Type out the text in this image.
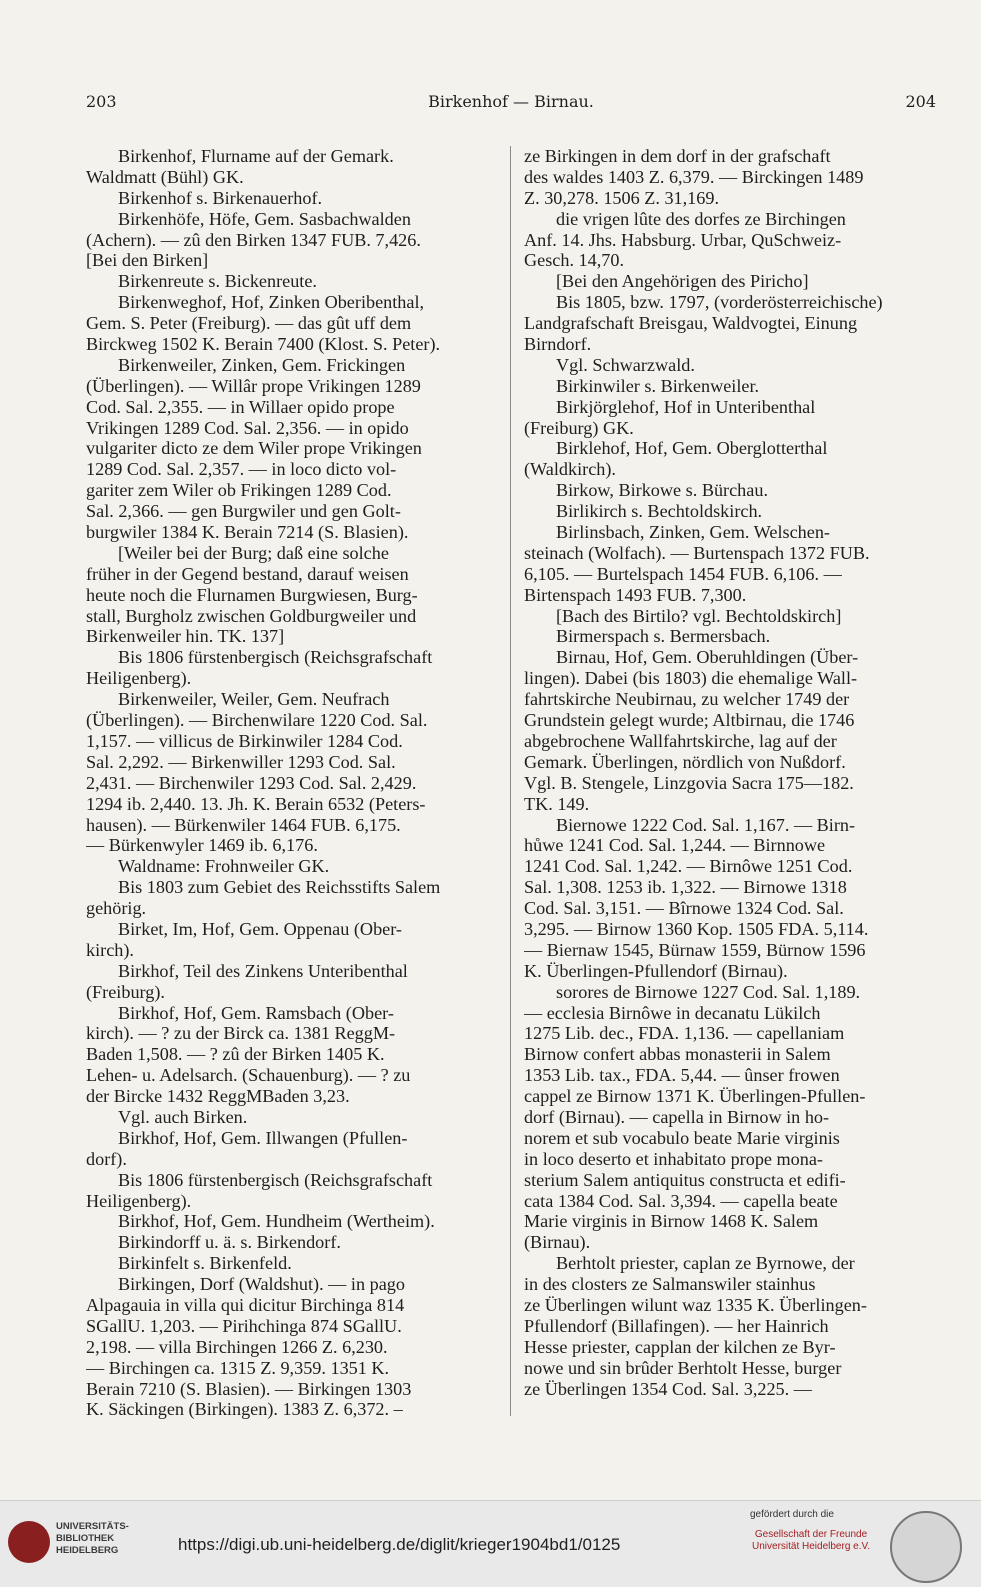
203	Birkenhof — Birnau.	204
Birkenhof, Flurname auf der Gemark.
Waldmatt (Bühl) GK.
Birkenhof s. Birkenauerhof.
Birkenhöfe, Höfe, Gem. Sasbachwalden
(Achern). — zû den Birken 1347 FUB. 7,426.
[Bei den Birken]
Birkenreute s. Bickenreute.
Birkenweghof, Hof, Zinken Oberibenthal,
Gem. S. Peter (Freiburg). — das gût uff dem
Birckweg 1502 K. Berain 7400 (Klost. S. Peter).
Birkenweiler, Zinken, Gem. Frickingen
(Überlingen). — Willâr prope Vrikingen 1289
Cod. Sal. 2,355. — in Willaer opido prope
Vrikingen 1289 Cod. Sal. 2,356. — in opido
vulgariter dicto ze dem Wiler prope Vrikingen
1289 Cod. Sal. 2,357. — in loco dicto vol-
gariter zem Wiler ob Frikingen 1289 Cod.
Sal. 2,366. — gen Burgwiler und gen Golt-
burgwiler 1384 K. Berain 7214 (S. Blasien).
[Weiler bei der Burg; daß eine solche
früher in der Gegend bestand, darauf weisen
heute noch die Flurnamen Burgwiesen, Burg-
stall, Burgholz zwischen Goldburgweiler und
Birkenweiler hin. TK. 137]
Bis 1806 fürstenbergisch (Reichsgrafschaft
Heiligenberg).
Birkenweiler, Weiler, Gem. Neufrach
(Überlingen). — Birchenwilare 1220 Cod. Sal.
1,157. — villicus de Birkinwiler 1284 Cod.
Sal. 2,292. — Birkenwiller 1293 Cod. Sal.
2,431. — Birchenwiler 1293 Cod. Sal. 2,429.
1294 ib. 2,440. 13. Jh. K. Berain 6532 (Peters-
hausen). — Bürkenwiler 1464 FUB. 6,175.
— Bürkenwyler 1469 ib. 6,176.
Waldname: Frohnweiler GK.
Bis 1803 zum Gebiet des Reichsstifts Salem
gehörig.
Birket, Im, Hof, Gem. Oppenau (Ober-
kirch).
Birkhof, Teil des Zinkens Unteribenthal
(Freiburg).
Birkhof, Hof, Gem. Ramsbach (Ober-
kirch). — ? zu der Birck ca. 1381 ReggM-
Baden 1,508. — ? zû der Birken 1405 K.
Lehen- u. Adelsarch. (Schauenburg). — ? zu
der Bircke 1432 ReggMBaden 3,23.
Vgl. auch Birken.
Birkhof, Hof, Gem. Illwangen (Pfullen-
dorf).
Bis 1806 fürstenbergisch (Reichsgrafschaft
Heiligenberg).
Birkhof, Hof, Gem. Hundheim (Wertheim).
Birkindorff u. ä. s. Birkendorf.
Birkinfelt s. Birkenfeld.
Birkingen, Dorf (Waldshut). — in pago
Alpagauia in villa qui dicitur Birchinga 814
SGallU. 1,203. — Pirihchinga 874 SGallU.
2,198. — villa Birchingen 1266 Z. 6,230.
— Birchingen ca. 1315 Z. 9,359. 1351 K.
Berain 7210 (S. Blasien). — Birkingen 1303
K. Säckingen (Birkingen). 1383 Z. 6,372. –
ze Birkingen in dem dorf in der grafschaft
des waldes 1403 Z. 6,379. — Birckingen 1489
Z. 30,278. 1506 Z. 31,169.
die vrigen lûte des dorfes ze Birchingen
Anf. 14. Jhs. Habsburg. Urbar, QuSchweiz-
Gesch. 14,70.
[Bei den Angehörigen des Piricho]
Bis 1805, bzw. 1797, (vorderösterreichische)
Landgrafschaft Breisgau, Waldvogtei, Einung
Birndorf.
Vgl. Schwarzwald.
Birkinwiler s. Birkenweiler.
Birkjörglehof, Hof in Unteribenthal
(Freiburg) GK.
Birklehof, Hof, Gem. Oberglotterthal
(Waldkirch).
Birkow, Birkowe s. Bürchau.
Birlikirch s. Bechtoldskirch.
Birlinsbach, Zinken, Gem. Welschen-
steinach (Wolfach). — Burtenspach 1372 FUB.
6,105. — Burtelspach 1454 FUB. 6,106. —
Birtenspach 1493 FUB. 7,300.
[Bach des Birtilo? vgl. Bechtoldskirch]
Birmerspach s. Bermersbach.
Birnau, Hof, Gem. Oberuhldingen (Über-
lingen). Dabei (bis 1803) die ehemalige Wall-
fahrtskirche Neubirnau, zu welcher 1749 der
Grundstein gelegt wurde; Altbirnau, die 1746
abgebrochene Wallfahrtskirche, lag auf der
Gemark. Überlingen, nördlich von Nußdorf.
Vgl. B. Stengele, Linzgovia Sacra 175—182.
TK. 149.
Biernowe 1222 Cod. Sal. 1,167. — Birn-
hůwe 1241 Cod. Sal. 1,244. — Birnnowe
1241 Cod. Sal. 1,242. — Birnôwe 1251 Cod.
Sal. 1,308. 1253 ib. 1,322. — Birnowe 1318
Cod. Sal. 3,151. — Bîrnowe 1324 Cod. Sal.
3,295. — Birnow 1360 Kop. 1505 FDA. 5,114.
— Biernaw 1545, Bürnaw 1559, Bürnow 1596
K. Überlingen-Pfullendorf (Birnau).
sorores de Birnowe 1227 Cod. Sal. 1,189.
— ecclesia Birnôwe in decanatu Lükilch
1275 Lib. dec., FDA. 1,136. — capellaniam
Birnow confert abbas monasterii in Salem
1353 Lib. tax., FDA. 5,44. — ûnser frowen
cappel ze Birnow 1371 K. Überlingen-Pfullen-
dorf (Birnau). — capella in Birnow in ho-
norem et sub vocabulo beate Marie virginis
in loco deserto et inhabitato prope mona-
sterium Salem antiquitus constructa et edifi-
cata 1384 Cod. Sal. 3,394. — capella beate
Marie virginis in Birnow 1468 K. Salem
(Birnau).
Berhtolt priester, caplan ze Byrnowe, der
in des closters ze Salmanswiler stainhus
ze Überlingen wilunt waz 1335 K. Überlingen-
Pfullendorf (Billafingen). — her Hainrich
Hesse priester, capplan der kilchen ze Byr-
nowe und sin brûder Berhtolt Hesse, burger
ze Überlingen 1354 Cod. Sal. 3,225. —
UNIVERSITÄTS-
BIBLIOTHEK
HEIDELBERG	https://digi.ub.uni-heidelberg.de/diglit/krieger1904bd1/0125
gefördert durch die
Gesellschaft der Freunde
Universität Heidelberg e.V.
